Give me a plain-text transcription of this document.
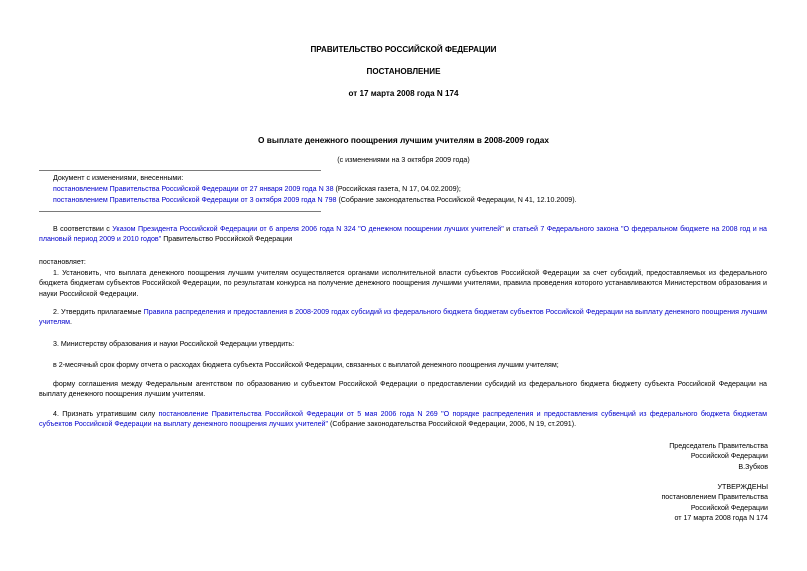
ПРАВИТЕЛЬСТВО РОССИЙСКОЙ ФЕДЕРАЦИИ
ПОСТАНОВЛЕНИЕ
от 17 марта 2008 года N 174
О выплате денежного поощрения лучшим учителям в 2008-2009 годах
(с изменениями на 3 октября 2009 года)
Документ с изменениями, внесенными:
постановлением Правительства Российской Федерации от 27 января 2009 года N 38 (Российская газета, N 17, 04.02.2009);
постановлением Правительства Российской Федерации от 3 октября 2009 года N 798 (Собрание законодательства Российской Федерации, N 41, 12.10.2009).
В соответствии с Указом Президента Российской Федерации от 6 апреля 2006 года N 324 "О денежном поощрении лучших учителей" и статьей 7 Федерального закона "О федеральном бюджете на 2008 год и на плановый период 2009 и 2010 годов" Правительство Российской Федерации
постановляет:
1. Установить, что выплата денежного поощрения лучшим учителям осуществляется органами исполнительной власти субъектов Российской Федерации за счет субсидий, предоставляемых из федерального бюджета бюджетам субъектов Российской Федерации, по результатам конкурса на получение денежного поощрения лучшими учителями, правила проведения которого устанавливаются Министерством образования и науки Российской Федерации.
2. Утвердить прилагаемые Правила распределения и предоставления в 2008-2009 годах субсидий из федерального бюджета бюджетам субъектов Российской Федерации на выплату денежного поощрения лучшим учителям.
3. Министерству образования и науки Российской Федерации утвердить:
в 2-месячный срок форму отчета о расходах бюджета субъекта Российской Федерации, связанных с выплатой денежного поощрения лучшим учителям;
форму соглашения между Федеральным агентством по образованию и субъектом Российской Федерации о предоставлении субсидий из федерального бюджета бюджету субъекта Российской Федерации на выплату денежного поощрения лучшим учителям.
4. Признать утратившим силу постановление Правительства Российской Федерации от 5 мая 2006 года N 269 "О порядке распределения и предоставления субвенций из федерального бюджета бюджетам субъектов Российской Федерации на выплату денежного поощрения лучших учителей" (Собрание законодательства Российской Федерации, 2006, N 19, ст.2091).
Председатель Правительства
Российской Федерации
В.Зубков
УТВЕРЖДЕНЫ
постановлением Правительства
Российской Федерации
от 17 марта 2008 года N 174
